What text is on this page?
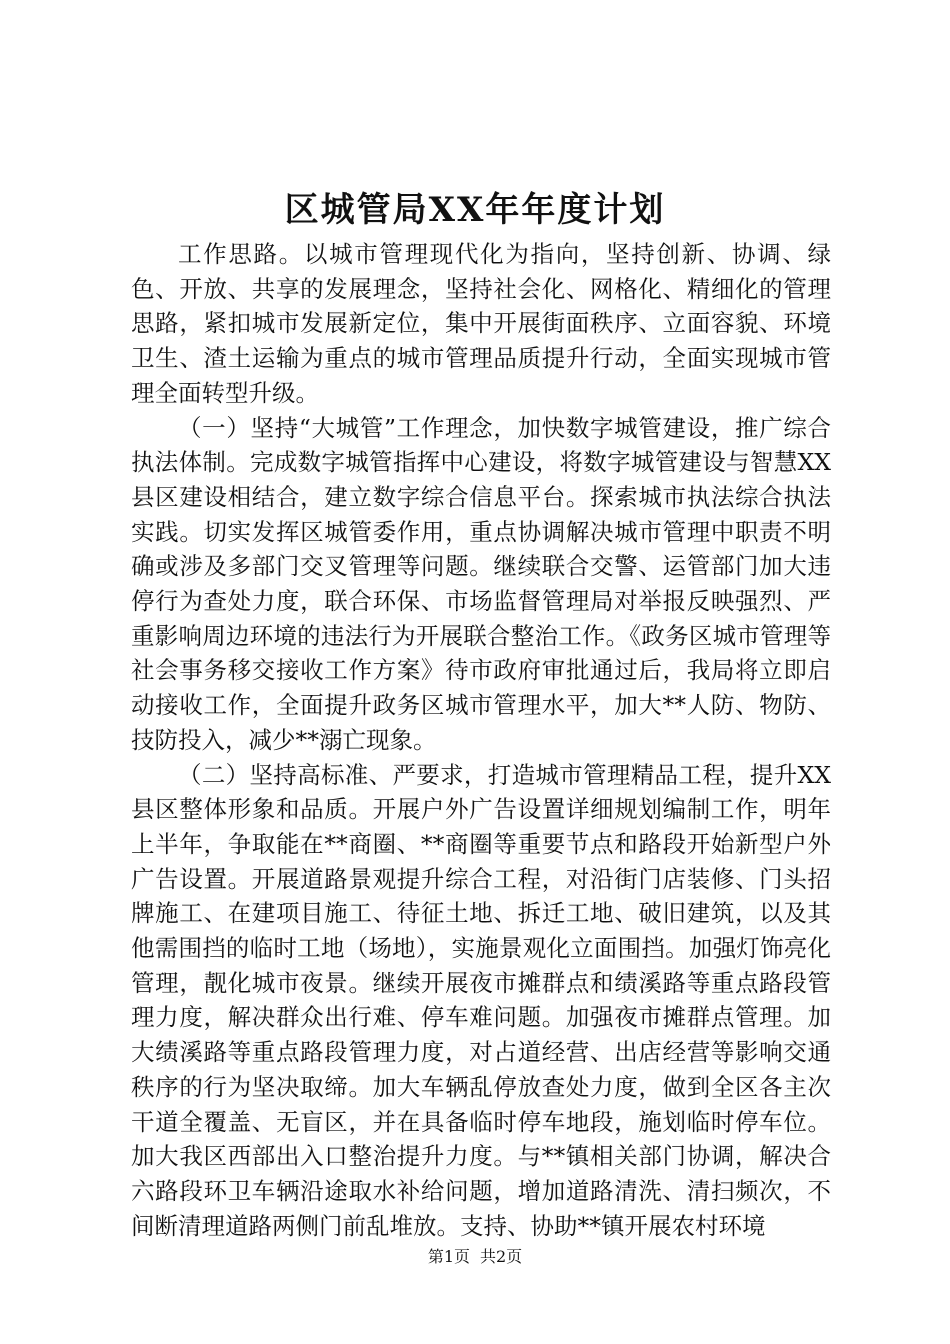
区城管局XX年年度计划

工作思路。以城市管理现代化为指向，坚持创新、协调、绿色、开放、共享的发展理念，坚持社会化、网格化、精细化的管理思路，紧扣城市发展新定位，集中开展街面秩序、立面容貌、环境卫生、渣土运输为重点的城市管理品质提升行动，全面实现城市管理全面转型升级。

（一）坚持“大城管”工作理念，加快数字城管建设，推广综合执法体制。完成数字城管指挥中心建设，将数字城管建设与智慧XX县区建设相结合，建立数字综合信息平台。探索城市执法综合执法实践。切实发挥区城管委作用，重点协调解决城市管理中职责不明确或涉及多部门交叉管理等问题。继续联合交警、运管部门加大违停行为查处力度，联合环保、市场监督管理局对举报反映强烈、严重影响周边环境的违法行为开展联合整治工作。《政务区城市管理等社会事务移交接收工作方案》待市政府审批通过后，我局将立即启动接收工作，全面提升政务区城市管理水平，加大**人防、物防、技防投入，减少**溺亡现象。

（二）坚持高标准、严要求，打造城市管理精品工程，提升XX县区整体形象和品质。开展户外广告设置详细规划编制工作，明年上半年，争取能在**商圈、**商圈等重要节点和路段开始新型户外广告设置。开展道路景观提升综合工程，对沿街门店装修、门头招牌施工、在建项目施工、待征土地、拆迁工地、破旧建筑，以及其他需围挡的临时工地（场地），实施景观化立面围挡。加强灯饰亮化管理，靓化城市夜景。继续开展夜市摊群点和绩溪路等重点路段管理力度，解决群众出行难、停车难问题。加强夜市摊群点管理。加大绩溪路等重点路段管理力度，对占道经营、出店经营等影响交通秩序的行为坚决取缔。加大车辆乱停放查处力度，做到全区各主次干道全覆盖、无盲区，并在具备临时停车地段，施划临时停车位。加大我区西部出入口整治提升力度。与**镇相关部门协调，解决合六路段环卫车辆沿途取水补给问题，增加道路清洗、清扫频次，不间断清理道路两侧门前乱堆放。支持、协助**镇开展农村环境

第1页 共2页
